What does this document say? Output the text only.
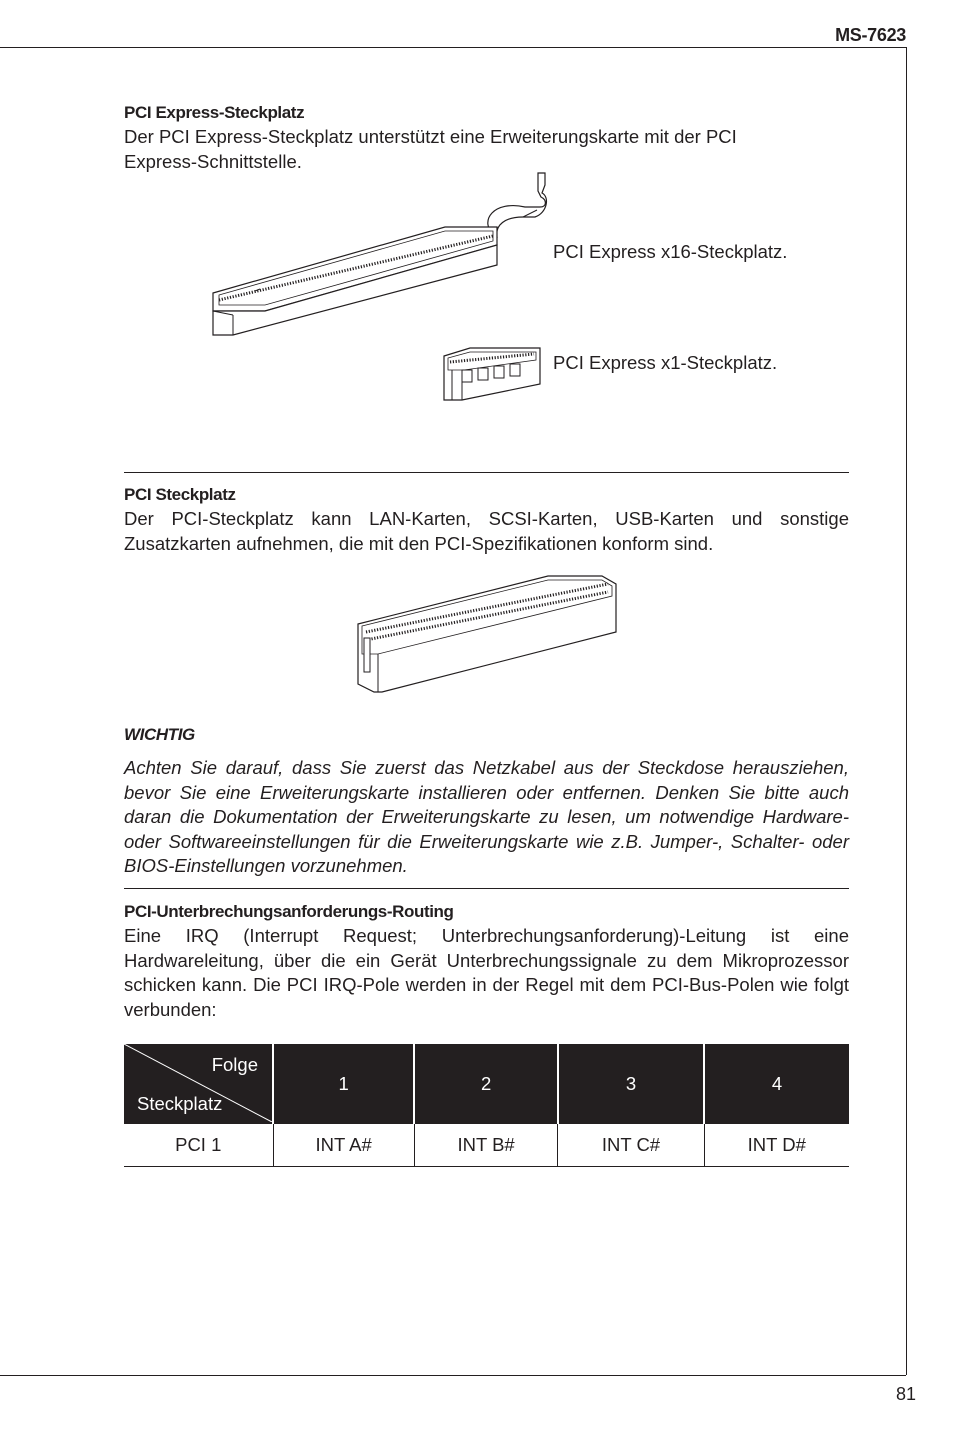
MS-7623
PCI Express-Steckplatz
Der PCI Express-Steckplatz unterstützt eine Erweiterungskarte mit der PCI
Express-Schnittstelle.
PCI Express x16-Steckplatz.
PCI Express x1-Steckplatz.
PCI Steckplatz
Der PCI-Steckplatz kann LAN-Karten, SCSI-Karten, USB-Karten und sonstige Zusatzkarten aufnehmen, die mit den PCI-Spezifikationen konform sind.
WICHTIG
Achten Sie darauf, dass Sie zuerst das Netzkabel aus der Steckdose herausziehen, bevor Sie eine Erweiterungskarte installieren oder entfernen. Denken Sie bitte auch daran die Dokumentation der Erweiterungskarte zu lesen, um notwendige Hardware- oder Softwareeinstellungen für die Erweiterungskarte wie z.B. Jumper-, Schalter- oder BIOS-Einstellungen vorzunehmen.
PCI-Unterbrechungsanforderungs-Routing
Eine IRQ (Interrupt Request; Unterbrechungsanforderung)-Leitung ist eine Hardwareleitung, über die ein Gerät Unterbrechungssignale zu dem Mikroprozessor schicken kann. Die PCI IRQ-Pole werden in der Regel mit dem PCI-Bus-Polen wie folgt verbunden:
Folge
Steckplatz	1	2	3	4
PCI 1	INT A#	INT B#	INT C#	INT D#
81
